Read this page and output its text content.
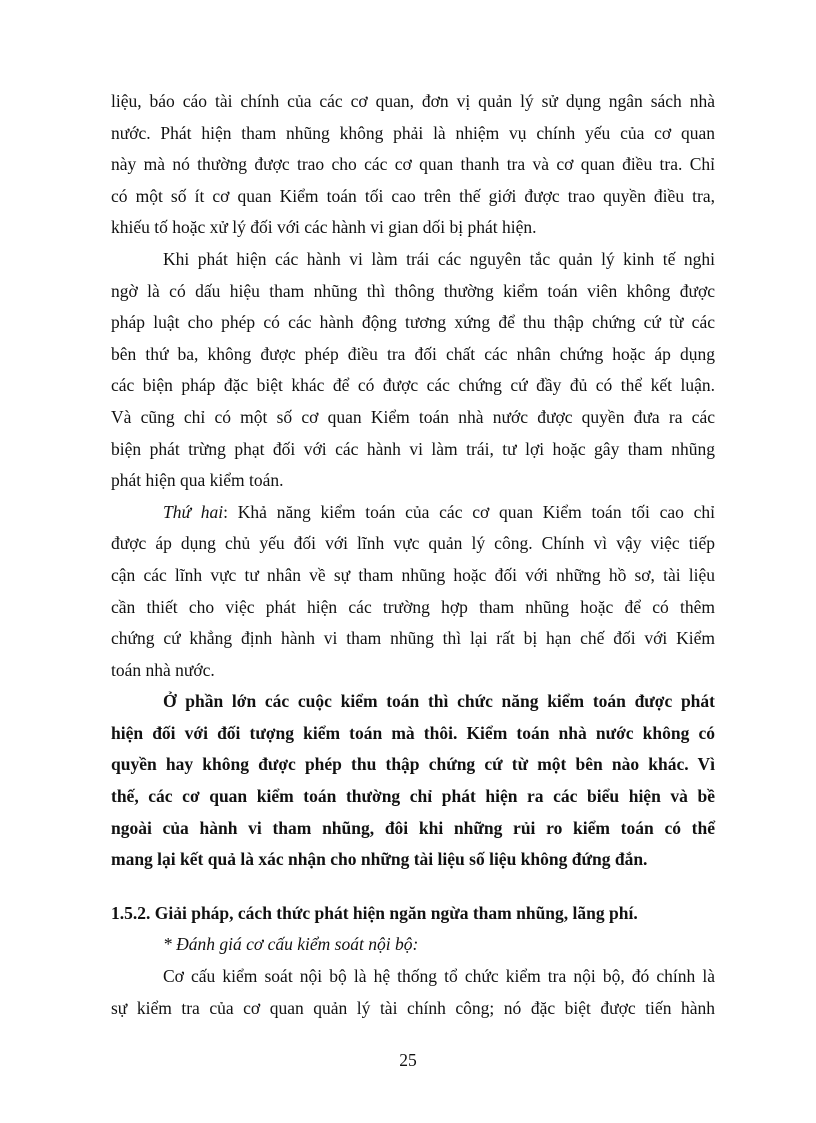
liệu, báo cáo tài chính của các cơ quan, đơn vị quản lý sử dụng ngân sách nhà

nước. Phát hiện tham nhũng không phải là nhiệm vụ chính yếu của cơ quan

này mà nó thường được trao cho các cơ quan thanh tra và cơ quan điều tra. Chỉ

có một số ít cơ quan Kiểm toán tối cao trên thế giới được trao quyền điều tra,

khiếu tố hoặc xử lý đối với các hành vi gian dối bị phát hiện.

Khi phát hiện các hành vi làm trái các nguyên tắc quản lý kinh tế nghi

ngờ là có dấu hiệu tham nhũng thì thông thường kiểm toán viên không được

pháp luật cho phép có các hành động tương xứng để thu thập chứng cứ từ các

bên thứ ba, không được phép điều tra đối chất các nhân chứng hoặc áp dụng

các biện pháp đặc biệt khác để có được các chứng cứ đầy đủ có thể kết luận.

Và cũng chỉ có một số cơ quan Kiểm toán nhà nước được quyền đưa ra các

biện phát trừng phạt đối với các hành vi làm trái, tư lợi hoặc gây tham nhũng

phát hiện qua kiểm toán.

Thứ hai: Khả năng kiểm toán của các cơ quan Kiểm toán tối cao chỉ

được áp dụng chủ yếu đối với lĩnh vực quản lý công. Chính vì vậy việc tiếp

cận các lĩnh vực tư nhân về sự tham nhũng hoặc đối với những hồ sơ, tài liệu

cần thiết cho việc phát hiện các trường hợp tham nhũng hoặc để có thêm

chứng cứ khẳng định hành vi tham nhũng thì lại rất bị hạn chế đối với Kiểm

toán nhà nước.

Ở phần lớn các cuộc kiểm toán thì chức năng kiểm toán được phát

hiện đối với đối tượng kiểm toán mà thôi. Kiểm toán nhà nước không có

quyền hay không được phép thu thập chứng cứ từ một bên nào khác. Vì

thế, các cơ quan kiểm toán thường chỉ phát hiện ra các biểu hiện và bề

ngoài của hành vi tham nhũng, đôi khi những rủi ro kiểm toán có thể

mang lại kết quả là xác nhận cho những tài liệu số liệu không đứng đắn.

1.5.2. Giải pháp, cách thức phát hiện ngăn ngừa tham nhũng, lãng phí.

* Đánh giá cơ cấu kiểm soát nội bộ:

Cơ cấu kiểm soát nội bộ là hệ thống tổ chức kiểm tra nội bộ, đó chính là

sự kiểm tra của cơ quan quản lý tài chính công; nó đặc biệt được tiến hành

25
